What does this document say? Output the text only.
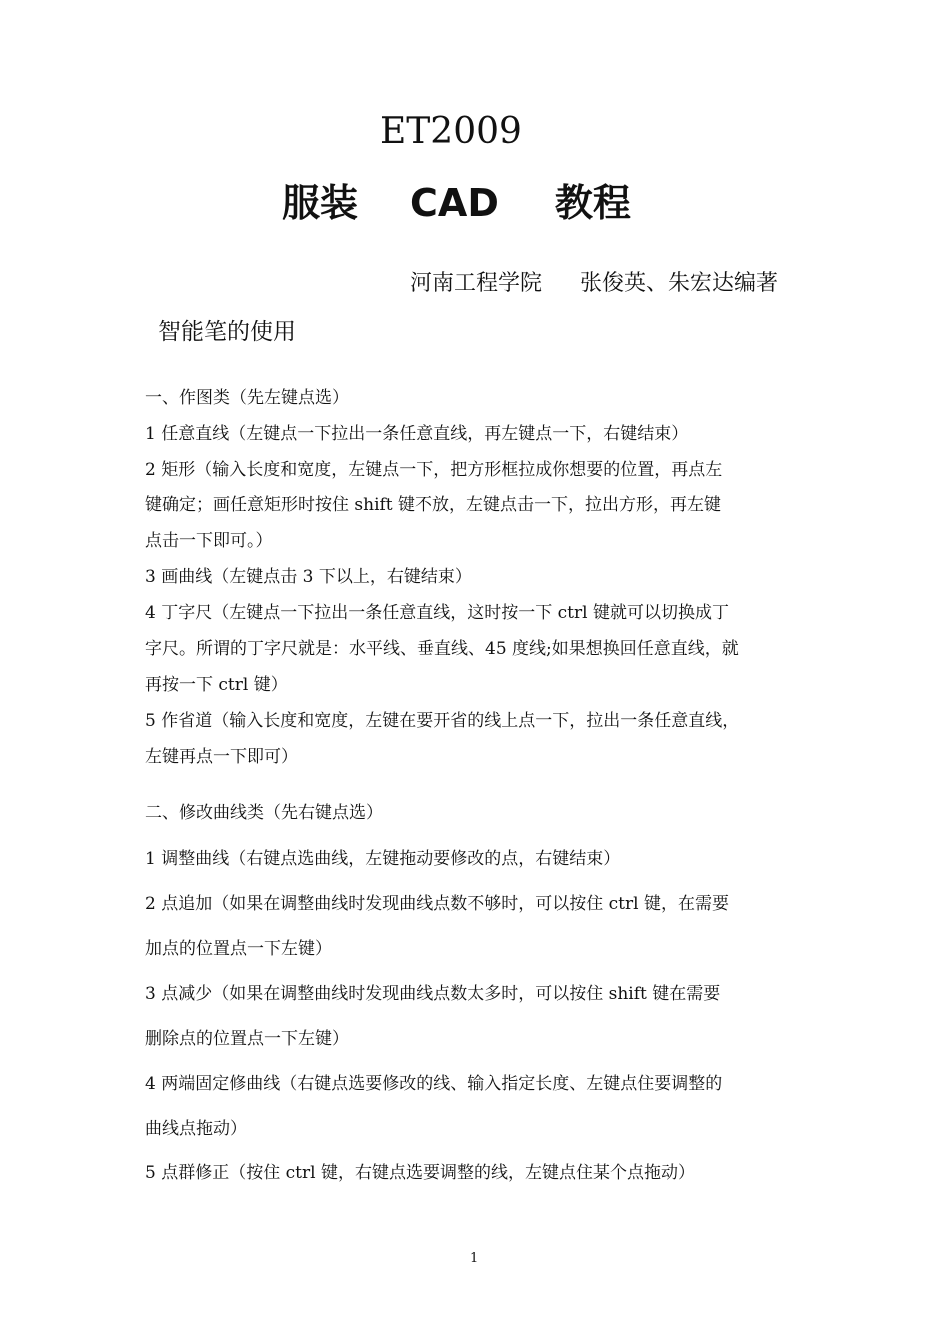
ET2009
服装 CAD 教程
河南工程学院 张俊英、朱宏达编著
智能笔的使用
一、作图类（先左键点选）
1 任意直线（左键点一下拉出一条任意直线，再左键点一下，右键结束）
2 矩形（输入长度和宽度，左键点一下，把方形框拉成你想要的位置，再点左
键确定；画任意矩形时按住 shift 键不放，左键点击一下，拉出方形，再左键
点击一下即可。）
3 画曲线（左键点击 3 下以上，右键结束）
4 丁字尺（左键点一下拉出一条任意直线，这时按一下 ctrl 键就可以切换成丁
字尺。所谓的丁字尺就是：水平线、垂直线、45 度线;如果想换回任意直线，就
再按一下 ctrl 键）
5 作省道（输入长度和宽度，左键在要开省的线上点一下，拉出一条任意直线，
左键再点一下即可）
二、修改曲线类（先右键点选）
1 调整曲线（右键点选曲线，左键拖动要修改的点，右键结束）
2 点追加（如果在调整曲线时发现曲线点数不够时，可以按住 ctrl 键，在需要
加点的位置点一下左键）
3 点减少（如果在调整曲线时发现曲线点数太多时，可以按住 shift 键在需要
删除点的位置点一下左键）
4 两端固定修曲线（右键点选要修改的线、输入指定长度、左键点住要调整的
曲线点拖动）
5 点群修正（按住 ctrl 键，右键点选要调整的线，左键点住某个点拖动）
1
